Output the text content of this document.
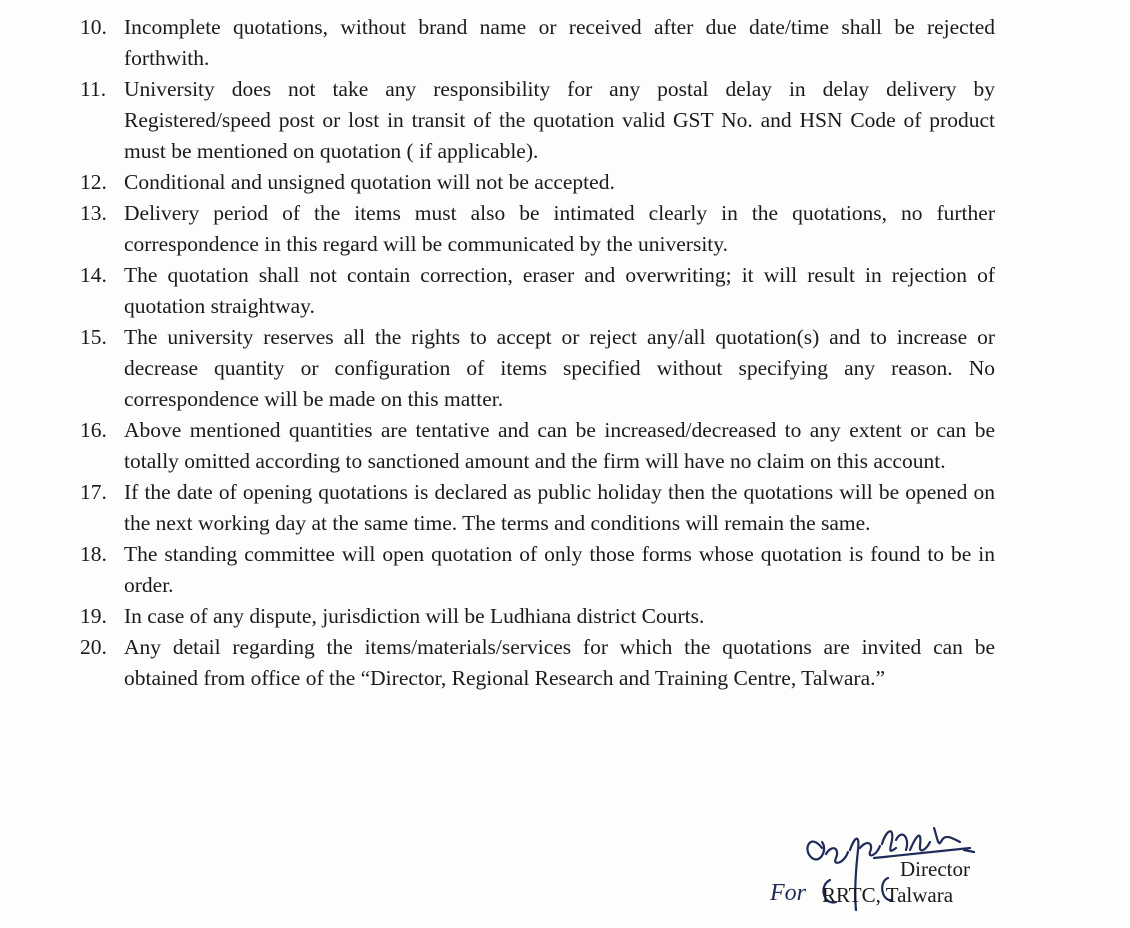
10. Incomplete quotations, without brand name or received after due date/time shall be rejected forthwith.
11. University does not take any responsibility for any postal delay in delay delivery by Registered/speed post or lost in transit of the quotation valid GST No. and HSN Code of product must be mentioned on quotation ( if applicable).
12. Conditional and unsigned quotation will not be accepted.
13. Delivery period of the items must also be intimated clearly in the quotations, no further correspondence in this regard will be communicated by the university.
14. The quotation shall not contain correction, eraser and overwriting; it will result in rejection of quotation straightway.
15. The university reserves all the rights to accept or reject any/all quotation(s) and to increase or decrease quantity or configuration of items specified without specifying any reason. No correspondence will be made on this matter.
16. Above mentioned quantities are tentative and can be increased/decreased to any extent or can be totally omitted according to sanctioned amount and the firm will have no claim on this account.
17. If the date of opening quotations is declared as public holiday then the quotations will be opened on the next working day at the same time. The terms and conditions will remain the same.
18. The standing committee will open quotation of only those forms whose quotation is found to be in order.
19. In case of any dispute, jurisdiction will be Ludhiana district Courts.
20. Any detail regarding the items/materials/services for which the quotations are invited can be obtained from office of the “Director, Regional Research and Training Centre, Talwara.”
For
Director
RRTC, Talwara
